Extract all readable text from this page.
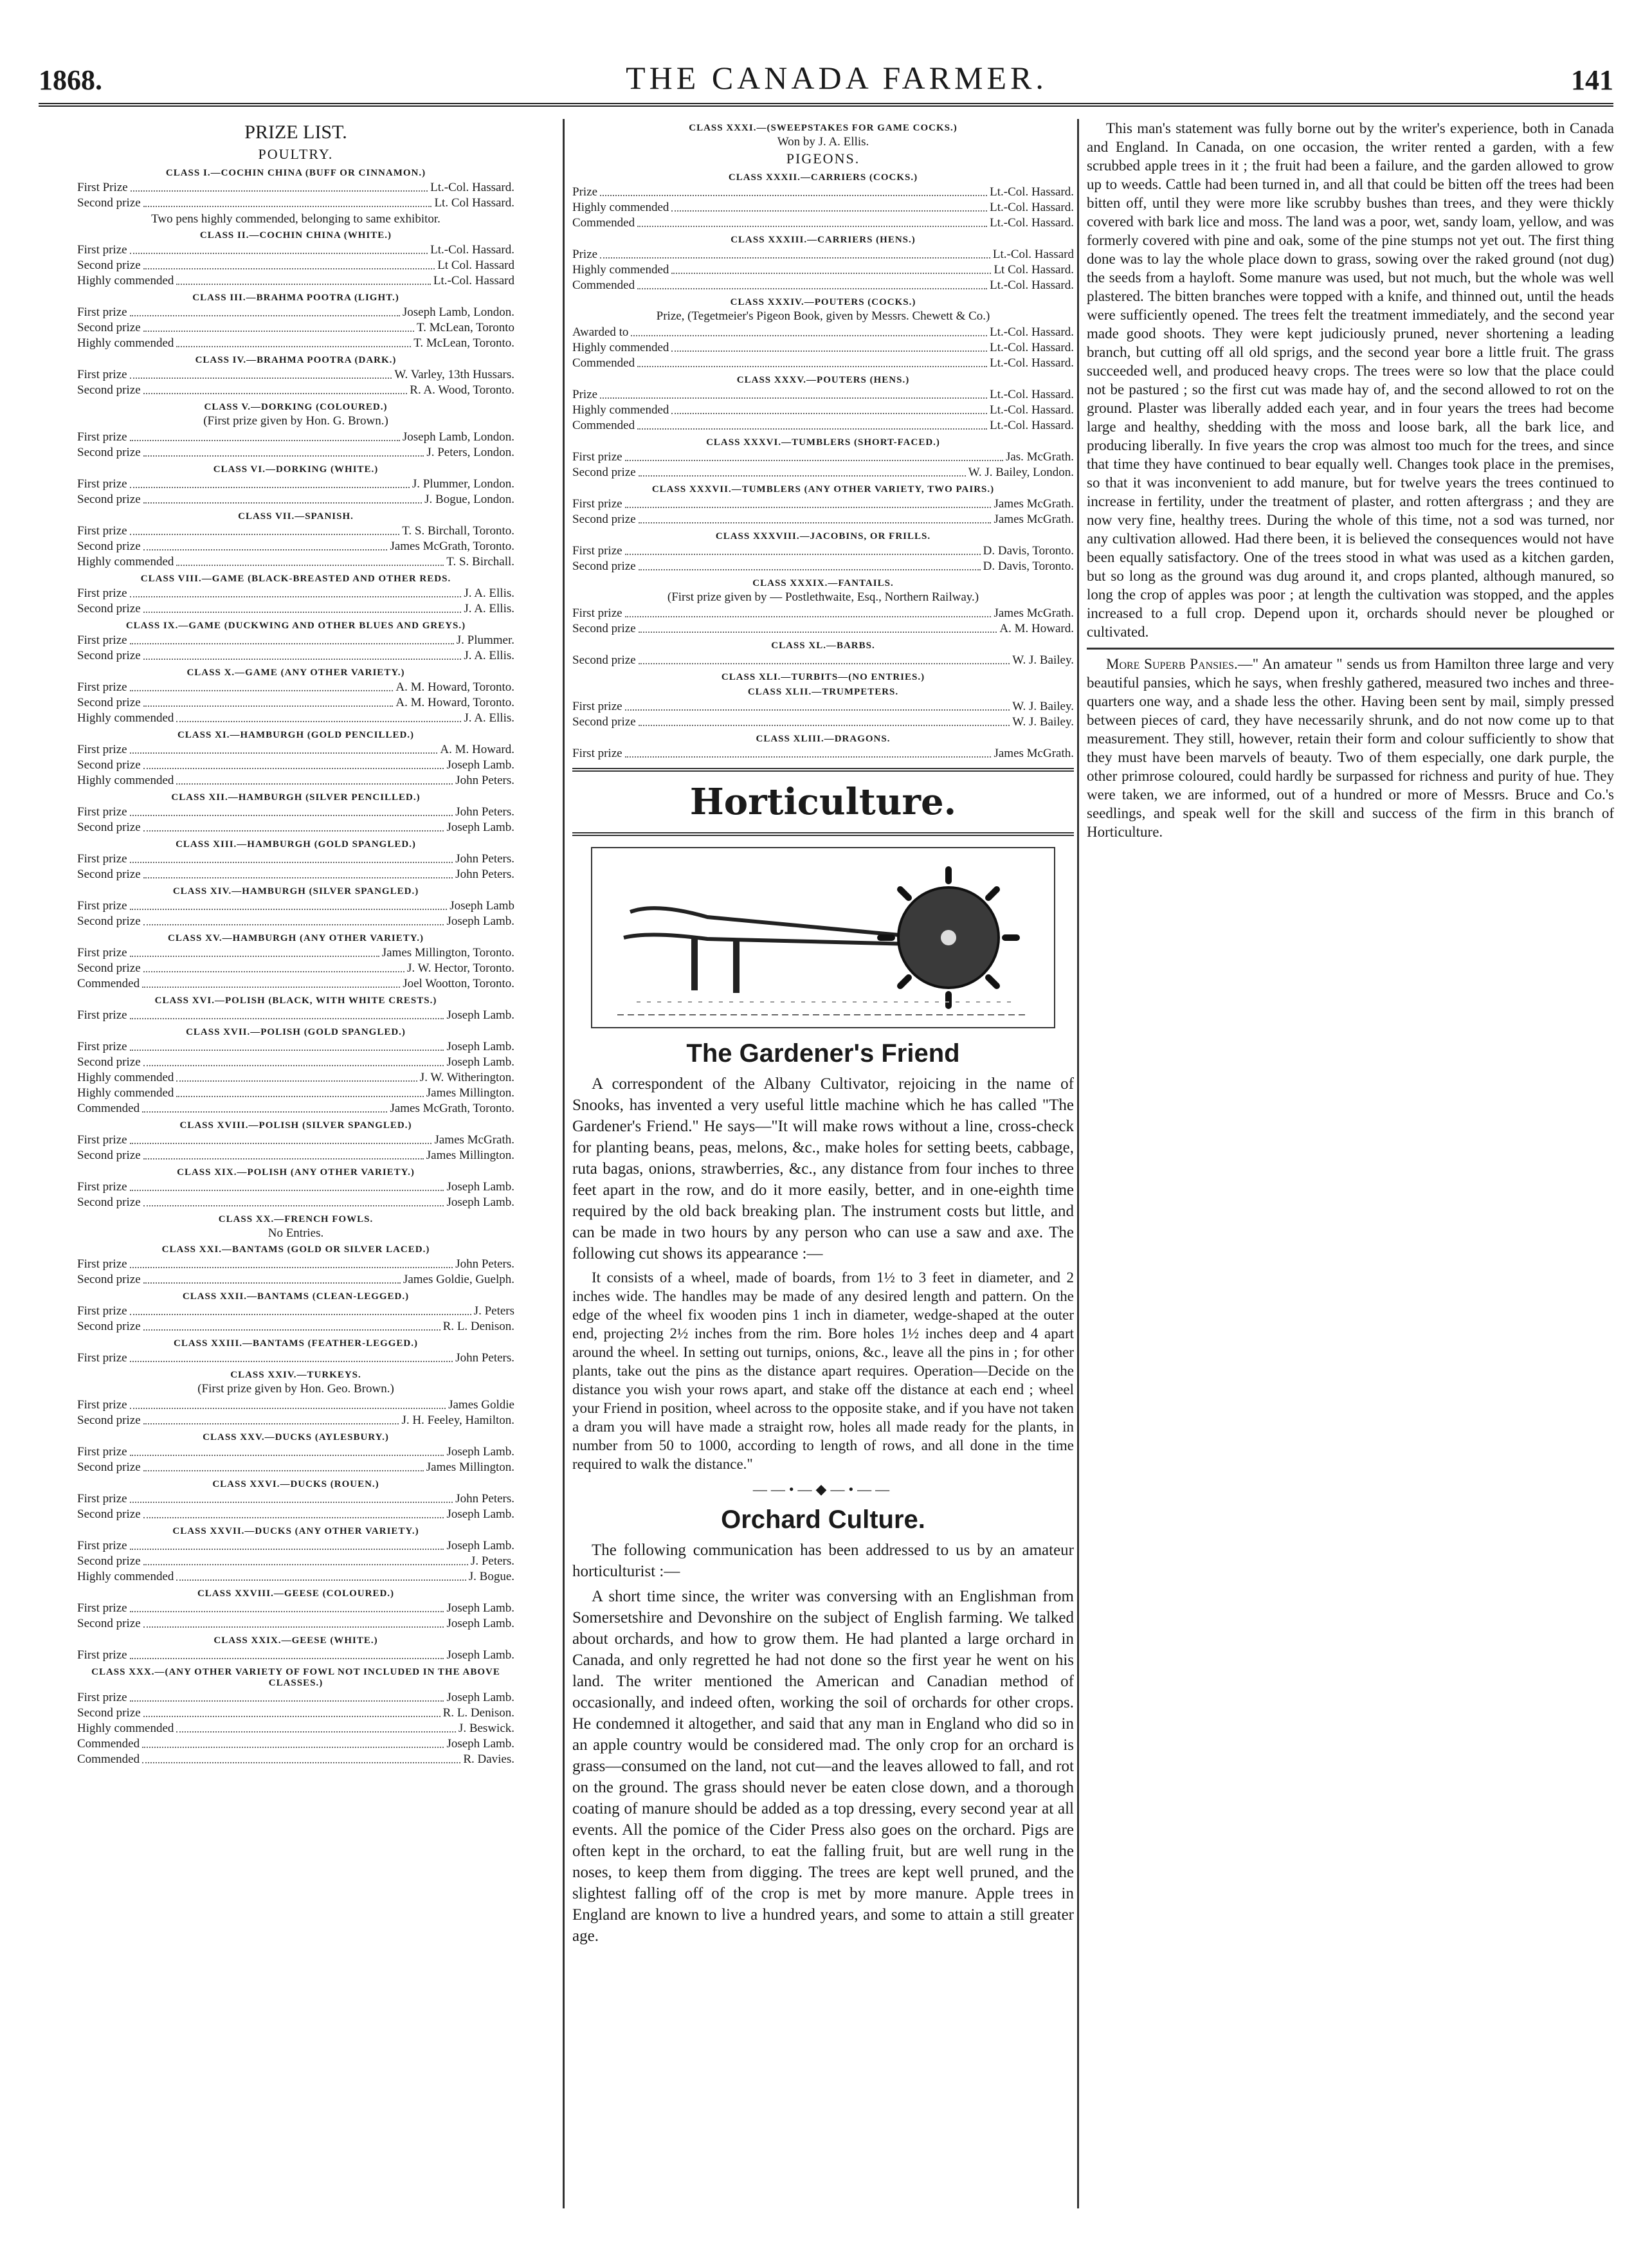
1868.	THE CANADA FARMER.	141
PRIZE LIST.
POULTRY.
CLASS I.—COCHIN CHINA (BUFF OR CINNAMON.)
First Prize	Lt.-Col. Hassard.
Second prize	Lt. Col Hassard.
Two pens highly commended, belonging to same exhibitor.
CLASS II.—COCHIN CHINA (WHITE.)
First prize	Lt.-Col. Hassard.
Second prize	Lt Col. Hassard
Highly commended	Lt.-Col. Hassard
CLASS III.—BRAHMA POOTRA (LIGHT.)
First prize	Joseph Lamb, London.
Second prize	T. McLean, Toronto
Highly commended	T. McLean, Toronto.
CLASS IV.—BRAHMA POOTRA (DARK.)
First prize	W. Varley, 13th Hussars.
Second prize	R. A. Wood, Toronto.
CLASS V.—DORKING (COLOURED.)
(First prize given by Hon. G. Brown.)
First prize	Joseph Lamb, London.
Second prize	J. Peters, London.
CLASS VI.—DORKING (WHITE.)
First prize	J. Plummer, London.
Second prize	J. Bogue, London.
CLASS VII.—SPANISH.
First prize	T. S. Birchall, Toronto.
Second prize	James McGrath, Toronto.
Highly commended	T. S. Birchall.
CLASS VIII.—GAME (BLACK-BREASTED AND OTHER REDS.
First prize	J. A. Ellis.
Second prize	J. A. Ellis.
CLASS IX.—GAME (DUCKWING AND OTHER BLUES AND GREYS.)
First prize	J. Plummer.
Second prize	J. A. Ellis.
CLASS X.—GAME (ANY OTHER VARIETY.)
First prize	A. M. Howard, Toronto.
Second prize	A. M. Howard, Toronto.
Highly commended	J. A. Ellis.
CLASS XI.—HAMBURGH (GOLD PENCILLED.)
First prize	A. M. Howard.
Second prize	Joseph Lamb.
Highly commended	John Peters.
CLASS XII.—HAMBURGH (SILVER PENCILLED.)
First prize	John Peters.
Second prize	Joseph Lamb.
CLASS XIII.—HAMBURGH (GOLD SPANGLED.)
First prize	John Peters.
Second prize	John Peters.
CLASS XIV.—HAMBURGH (SILVER SPANGLED.)
First prize	Joseph Lamb
Second prize	Joseph Lamb.
CLASS XV.—HAMBURGH (ANY OTHER VARIETY.)
First prize	James Millington, Toronto.
Second prize	J. W. Hector, Toronto.
Commended	Joel Wootton, Toronto.
CLASS XVI.—POLISH (BLACK, WITH WHITE CRESTS.)
First prize	Joseph Lamb.
CLASS XVII.—POLISH (GOLD SPANGLED.)
First prize	Joseph Lamb.
Second prize	Joseph Lamb.
Highly commended	J. W. Witherington.
Highly commended	James Millington.
Commended	James McGrath, Toronto.
CLASS XVIII.—POLISH (SILVER SPANGLED.)
First prize	James McGrath.
Second prize	James Millington.
CLASS XIX.—POLISH (ANY OTHER VARIETY.)
First prize	Joseph Lamb.
Second prize	Joseph Lamb.
CLASS XX.—FRENCH FOWLS.
No Entries.
CLASS XXI.—BANTAMS (GOLD OR SILVER LACED.)
First prize	John Peters.
Second prize	James Goldie, Guelph.
CLASS XXII.—BANTAMS (CLEAN-LEGGED.)
First prize	J. Peters
Second prize	R. L. Denison.
CLASS XXIII.—BANTAMS (FEATHER-LEGGED.)
First prize	John Peters.
CLASS XXIV.—TURKEYS.
(First prize given by Hon. Geo. Brown.)
First prize	James Goldie
Second prize	J. H. Feeley, Hamilton.
CLASS XXV.—DUCKS (AYLESBURY.)
First prize	Joseph Lamb.
Second prize	James Millington.
CLASS XXVI.—DUCKS (ROUEN.)
First prize	John Peters.
Second prize	Joseph Lamb.
CLASS XXVII.—DUCKS (ANY OTHER VARIETY.)
First prize	Joseph Lamb.
Second prize	J. Peters.
Highly commended	J. Bogue.
CLASS XXVIII.—GEESE (COLOURED.)
First prize	Joseph Lamb.
Second prize	Joseph Lamb.
CLASS XXIX.—GEESE (WHITE.)
First prize	Joseph Lamb.
CLASS XXX.—(ANY OTHER VARIETY OF FOWL NOT INCLUDED IN THE ABOVE CLASSES.)
First prize	Joseph Lamb.
Second prize	R. L. Denison.
Highly commended	J. Beswick.
Commended	Joseph Lamb.
Commended	R. Davies.
CLASS XXXI.—(SWEEPSTAKES FOR GAME COCKS.)
Won by J. A. Ellis.
PIGEONS.
CLASS XXXII.—CARRIERS (COCKS.)
Prize	Lt.-Col. Hassard.
Highly commended	Lt.-Col. Hassard.
Commended	Lt.-Col. Hassard.
CLASS XXXIII.—CARRIERS (HENS.)
Prize	Lt.-Col. Hassard
Highly commended	Lt Col. Hassard.
Commended	Lt.-Col. Hassard.
CLASS XXXIV.—POUTERS (COCKS.)
Prize, (Tegetmeier's Pigeon Book, given by Messrs. Chewett & Co.)
Awarded to	Lt.-Col. Hassard.
Highly commended	Lt.-Col. Hassard.
Commended	Lt.-Col. Hassard.
CLASS XXXV.—POUTERS (HENS.)
Prize	Lt.-Col. Hassard.
Highly commended	Lt.-Col. Hassard.
Commended	Lt.-Col. Hassard.
CLASS XXXVI.—TUMBLERS (SHORT-FACED.)
First prize	Jas. McGrath.
Second prize	W. J. Bailey, London.
CLASS XXXVII.—TUMBLERS (ANY OTHER VARIETY, TWO PAIRS.)
First prize	James McGrath.
Second prize	James McGrath.
CLASS XXXVIII.—JACOBINS, OR FRILLS.
First prize	D. Davis, Toronto.
Second prize	D. Davis, Toronto.
CLASS XXXIX.—FANTAILS.
(First prize given by — Postlethwaite, Esq., Northern Railway.)
First prize	James McGrath.
Second prize	A. M. Howard.
CLASS XL.—BARBS.
Second prize	W. J. Bailey.
CLASS XLI.—TURBITS—(NO ENTRIES.)
CLASS XLII.—TRUMPETERS.
First prize	W. J. Bailey.
Second prize	W. J. Bailey.
CLASS XLIII.—DRAGONS.
First prize	James McGrath.
Horticulture.
The Gardener's Friend

A correspondent of the Albany Cultivator, rejoicing in the name of Snooks, has invented a very useful little machine which he has called "The Gardener's Friend." He says—"It will make rows without a line, cross-check for planting beans, peas, melons, &c., make holes for setting beets, cabbage, ruta bagas, onions, strawberries, &c., any distance from four inches to three feet apart in the row, and do it more easily, better, and in one-eighth time required by the old back breaking plan. The instrument costs but little, and can be made in two hours by any person who can use a saw and axe. The following cut shows its appearance :—

It consists of a wheel, made of boards, from 1½ to 3 feet in diameter, and 2 inches wide. The handles may be made of any desired length and pattern. On the edge of the wheel fix wooden pins 1 inch in diameter, wedge-shaped at the outer end, projecting 2½ inches from the rim. Bore holes 1½ inches deep and 4 apart around the wheel. In setting out turnips, onions, &c., leave all the pins in ; for other plants, take out the pins as the distance apart requires. Operation—Decide on the distance you wish your rows apart, and stake off the distance at each end ; wheel your Friend in position, wheel across to the opposite stake, and if you have not taken a dram you will have made a straight row, holes all made ready for the plants, in number from 50 to 1000, according to length of rows, and all done in the time required to walk the distance."

——•—◆—•——
Orchard Culture.

The following communication has been addressed to us by an amateur horticulturist :—

A short time since, the writer was conversing with an Englishman from Somersetshire and Devonshire on the subject of English farming. We talked about orchards, and how to grow them. He had planted a large orchard in Canada, and only regretted he had not done so the first year he went on his land. The writer mentioned the American and Canadian method of occasionally, and indeed often, working the soil of orchards for other crops. He condemned it altogether, and said that any man in England who did so in an apple country would be considered mad. The only crop for an orchard is grass—consumed on the land, not cut—and the leaves allowed to fall, and rot on the ground. The grass should never be eaten close down, and a thorough coating of manure should be added as a top dressing, every second year at all events. All the pomice of the Cider Press also goes on the orchard. Pigs are often kept in the orchard, to eat the falling fruit, but are well rung in the noses, to keep them from digging. The trees are kept well pruned, and the slightest falling off of the crop is met by more manure. Apple trees in England are known to live a hundred years, and some to attain a still greater age.

This man's statement was fully borne out by the writer's experience, both in Canada and England. In Canada, on one occasion, the writer rented a garden, with a few scrubbed apple trees in it ; the fruit had been a failure, and the garden allowed to grow up to weeds. Cattle had been turned in, and all that could be bitten off the trees had been bitten off, until they were more like scrubby bushes than trees, and they were thickly covered with bark lice and moss. The land was a poor, wet, sandy loam, yellow, and was formerly covered with pine and oak, some of the pine stumps not yet out. The first thing done was to lay the whole place down to grass, sowing over the raked ground (not dug) the seeds from a hayloft. Some manure was used, but not much, but the whole was well plastered. The bitten branches were topped with a knife, and thinned out, until the heads were sufficiently opened. The trees felt the treatment immediately, and the second year made good shoots. They were kept judiciously pruned, never shortening a leading branch, but cutting off all old sprigs, and the second year bore a little fruit. The grass succeeded well, and produced heavy crops. The trees were so low that the place could not be pastured ; so the first cut was made hay of, and the second allowed to rot on the ground. Plaster was liberally added each year, and in four years the trees had become large and healthy, shedding with the moss and loose bark, all the bark lice, and producing liberally. In five years the crop was almost too much for the trees, and since that time they have continued to bear equally well. Changes took place in the premises, so that it was inconvenient to add manure, but for twelve years the trees continued to increase in fertility, under the treatment of plaster, and rotten aftergrass ; and they are now very fine, healthy trees. During the whole of this time, not a sod was turned, nor any cultivation allowed. Had there been, it is believed the consequences would not have been equally satisfactory. One of the trees stood in what was used as a kitchen garden, but so long as the ground was dug around it, and crops planted, although manured, so long the crop of apples was poor ; at length the cultivation was stopped, and the apples increased to a full crop. Depend upon it, orchards should never be ploughed or cultivated.

More Superb Pansies.—" An amateur " sends us from Hamilton three large and very beautiful pansies, which he says, when freshly gathered, measured two inches and three-quarters one way, and a shade less the other. Having been sent by mail, simply pressed between pieces of card, they have necessarily shrunk, and do not now come up to that measurement. They still, however, retain their form and colour sufficiently to show that they must have been marvels of beauty. Two of them especially, one dark purple, the other primrose coloured, could hardly be surpassed for richness and purity of hue. They were taken, we are informed, out of a hundred or more of Messrs. Bruce and Co.'s seedlings, and speak well for the skill and success of the firm in this branch of Horticulture.
